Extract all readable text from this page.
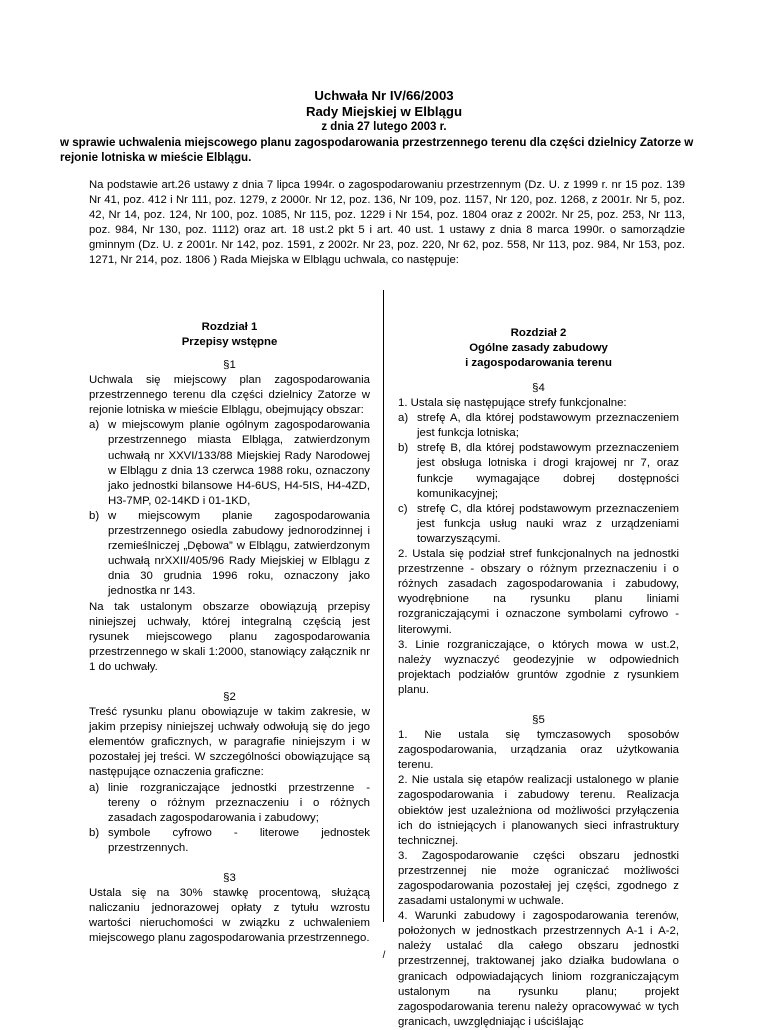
Uchwała Nr IV/66/2003
Rady Miejskiej w Elblągu
z dnia 27 lutego 2003 r.
w sprawie uchwalenia miejscowego planu zagospodarowania przestrzennego terenu dla części dzielnicy Zatorze w rejonie lotniska w mieście Elblągu.
Na podstawie art.26 ustawy z dnia 7 lipca 1994r. o zagospodarowaniu przestrzennym (Dz. U. z 1999 r. nr 15 poz. 139 Nr 41, poz. 412 i Nr 111, poz. 1279, z 2000r. Nr 12, poz. 136, Nr 109, poz. 1157, Nr 120, poz. 1268, z 2001r. Nr 5, poz. 42, Nr 14, poz. 124, Nr 100, poz. 1085, Nr 115, poz. 1229 i Nr 154, poz. 1804 oraz z 2002r. Nr 25, poz. 253, Nr 113, poz. 984, Nr 130, poz. 1112) oraz art. 18 ust.2 pkt 5 i art. 40 ust. 1 ustawy z dnia 8 marca 1990r. o samorządzie gminnym (Dz. U. z 2001r. Nr 142, poz. 1591, z 2002r. Nr 23, poz. 220, Nr 62, poz. 558, Nr 113, poz. 984, Nr 153, poz. 1271, Nr 214, poz. 1806 ) Rada Miejska w Elblągu uchwala, co następuje:
Rozdział 1
Przepisy wstępne
§1

Uchwala się miejscowy plan zagospodarowania przestrzennego terenu dla części dzielnicy Zatorze w rejonie lotniska w mieście Elblągu, obejmujący obszar:

a) w miejscowym planie ogólnym zagospodarowania przestrzennego miasta Elbląga, zatwierdzonym uchwałą nr XXVI/133/88 Miejskiej Rady Narodowej w Elblągu z dnia 13 czerwca 1988 roku, oznaczony jako jednostki bilansowe H4-6US, H4-5IS, H4-4ZD, H3-7MP, 02-14KD i 01-1KD,
b) w miejscowym planie zagospodarowania przestrzennego osiedla zabudowy jednorodzinnej i rzemieślniczej „Dębowa” w Elblągu, zatwierdzonym uchwałą nrXXII/405/96 Rady Miejskiej w Elblągu z dnia 30 grudnia 1996 roku, oznaczony jako jednostka nr 143.

Na tak ustalonym obszarze obowiązują przepisy niniejszej uchwały, której integralną częścią jest rysunek miejscowego planu zagospodarowania przestrzennego w skali 1:2000, stanowiący załącznik nr 1 do uchwały.

§2

Treść rysunku planu obowiązuje w takim zakresie, w jakim przepisy niniejszej uchwały odwołują się do jego elementów graficznych, w paragrafie niniejszym i w pozostałej jej treści. W szczególności obowiązujące są następujące oznaczenia graficzne:

a) linie rozgraniczające jednostki przestrzenne - tereny o różnym przeznaczeniu i o różnych zasadach zagospodarowania i zabudowy;
b) symbole cyfrowo - literowe jednostek przestrzennych.
§3

Ustala się na 30% stawkę procentową, służącą naliczaniu jednorazowej opłaty z tytułu wzrostu wartości nieruchomości w związku z uchwaleniem miejscowego planu zagospodarowania przestrzennego.

Rozdział 2
Ogólne zasady zabudowy
i zagospodarowania terenu
§4

1. Ustala się następujące strefy funkcjonalne:

a) strefę A, dla której podstawowym przeznaczeniem jest funkcja lotniska;
b) strefę B, dla której podstawowym przeznaczeniem jest obsługa lotniska i drogi krajowej nr 7, oraz funkcje wymagające dobrej dostępności komunikacyjnej;
c) strefę C, dla której podstawowym przeznaczeniem jest funkcja usług nauki wraz z urządzeniami towarzyszącymi.

2. Ustala się podział stref funkcjonalnych na jednostki przestrzenne - obszary o różnym przeznaczeniu i o różnych zasadach zagospodarowania i zabudowy, wyodrębnione na rysunku planu liniami rozgraniczającymi i oznaczone symbolami cyfrowo - literowymi.

3. Linie rozgraniczające, o których mowa w ust.2, należy wyznaczyć geodezyjnie w odpowiednich projektach podziałów gruntów zgodnie z rysunkiem planu.

§5

1. Nie ustala się tymczasowych sposobów zagospodarowania, urządzania oraz użytkowania terenu.

2. Nie ustala się etapów realizacji ustalonego w planie zagospodarowania i zabudowy terenu. Realizacja obiektów jest uzależniona od możliwości przyłączenia ich do istniejących i planowanych sieci infrastruktury technicznej.

3. Zagospodarowanie części obszaru jednostki przestrzennej nie może ograniczać możliwości zagospodarowania pozostałej jej części, zgodnego z zasadami ustalonymi w uchwale.

4. Warunki zabudowy i zagospodarowania terenów, położonych w jednostkach przestrzennych A-1 i A-2, należy ustalać dla całego obszaru jednostki przestrzennej, traktowanej jako działka budowlana o granicach odpowiadających liniom rozgraniczającym ustalonym na rysunku planu; projekt zagospodarowania terenu należy opracowywać w tych granicach, uwzględniając i uściślając

/
